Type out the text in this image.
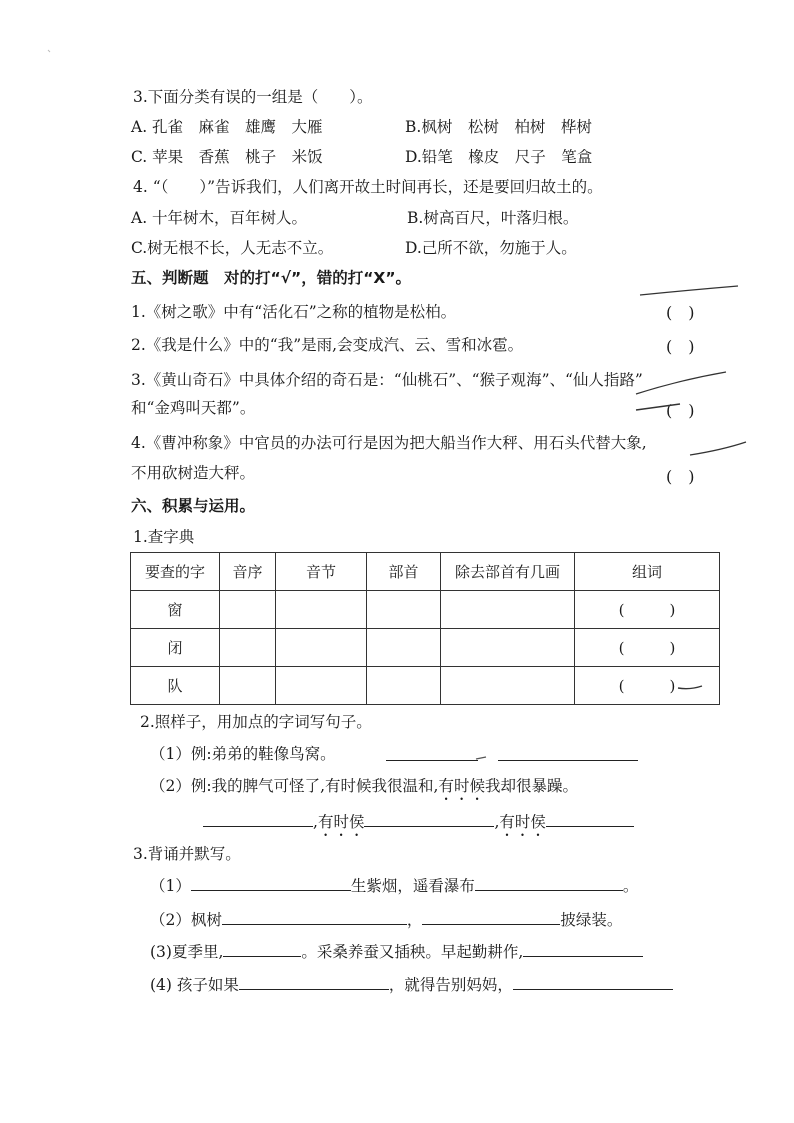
3.下面分类有误的一组是（　　）。
A. 孔雀　麻雀　雄鹰　大雁	B.枫树　松树　柏树　桦树
C. 苹果　香蕉　桃子　米饭	D.铅笔　橡皮　尺子　笔盒
4. “（　　）”告诉我们，人们离开故土时间再长，还是要回归故土的。
A. 十年树木，百年树人。	B.树高百尺，叶落归根。
C.树无根不长，人无志不立。	D.己所不欲，勿施于人。
五、判断题　对的打“√”，错的打“X”。
1.《树之歌》中有“活化石”之称的植物是松柏。	(　)
2.《我是什么》中的“我”是雨,会变成汽、云、雪和冰雹。	(　)
3.《黄山奇石》中具体介绍的奇石是：“仙桃石”、“猴子观海”、“仙人指路”
和“金鸡叫天都”。	(　)
4.《曹冲称象》中官员的办法可行是因为把大船当作大秤、用石头代替大象,
不用砍树造大秤。	(　)
六、积累与运用。
1.查字典
要查的字	音序	音节	部首	除去部首有几画	组词
窗					(　　　)
闭					(　　　)
队					(　　　)
2.照样子，用加点的字词写句子。
（1）例:弟弟的鞋像鸟窝。
（2）例:我的脾气可怪了,有时候我很温和,有时候我却很暴躁。
,有时侯	,有时侯
3.背诵并默写。
（1）	生紫烟，遥看瀑布	。
（2）枫树	，	披绿装。
(3)夏季里,	。采桑养蚕又插秧。早起勤耕作,
(4) 孩子如果	，就得告别妈妈，
